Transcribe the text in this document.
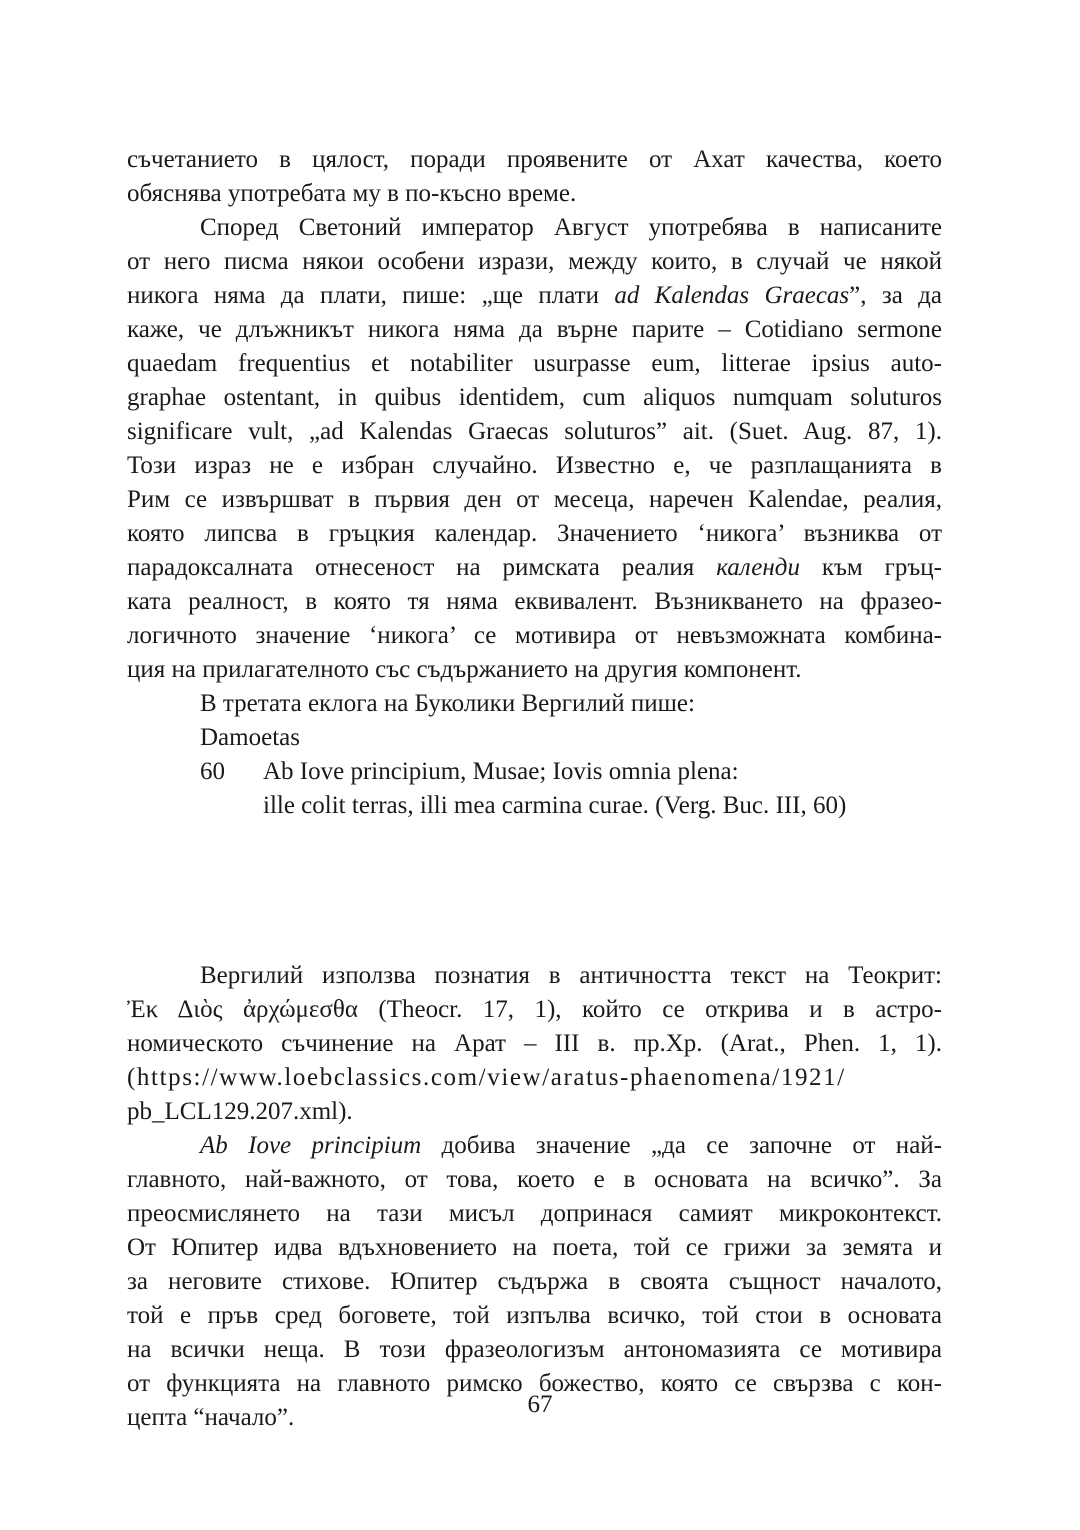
съчетанието в цялост, поради проявените от Ахат качества, което
обяснява употребата му в по-късно време.
Според Светоний император Август употребява в написаните
от него писма някои особени изрази, между които, в случай че някой
никога няма да плати, пише: „ще плати ad Kalendas Graecas”, за да
каже, че длъжникът никога няма да върне парите – Cotidiano sermone
quaedam frequentius et notabiliter usurpasse eum, litterae ipsius auto-
graphae ostentant, in quibus identidem, cum aliquos numquam soluturos
significare vult, „ad Kalendas Graecas soluturos” ait. (Suet. Aug. 87, 1).
Този израз не е избран случайно. Известно е, че разплащанията в
Рим се извършват в първия ден от месеца, наречен Kalendae, реалия,
която липсва в гръцкия календар. Значението ‘никога’ възниква от
парадоксалната отнесеност на римската реалия календи към гръц-
ката реалност, в която тя няма еквивалент. Възникването на фразео-
логичното значение ‘никога’ се мотивира от невъзможната комбина-
ция на прилагателното със съдържанието на другия компонент.
В третата еклога на Буколики Вергилий пише:
Damoetas
60 Ab Iove principium, Musae; Iovis omnia plena:
ille colit terras, illi mea carmina curae. (Verg. Buc. III, 60)
Вергилий използва познатия в античността текст на Теокрит:
Ἐκ Διὸς ἀρχώμεσθα (Theocr. 17, 1), който се открива и в астро-
номическото съчинение на Арат – III в. пр.Хр. (Arat., Phen. 1, 1).
(https://www.loebclassics.com/view/aratus-phaenomena/1921/
pb_LCL129.207.xml).
Ab Iove principium добива значение „да се започне от най-
главното, най-важното, от това, което е в основата на всичко”. За
преосмислянето на тази мисъл допринася самият микроконтекст.
От Юпитер идва вдъхновението на поета, той се грижи за земята и
за неговите стихове. Юпитер съдържа в своята същност началото,
той е пръв сред боговете, той изпълва всичко, той стои в основата
на всички неща. В този фразеологизъм антономазията се мотивира
от функцията на главното римско божество, която се свързва с кон-
цепта “начало”.	67
